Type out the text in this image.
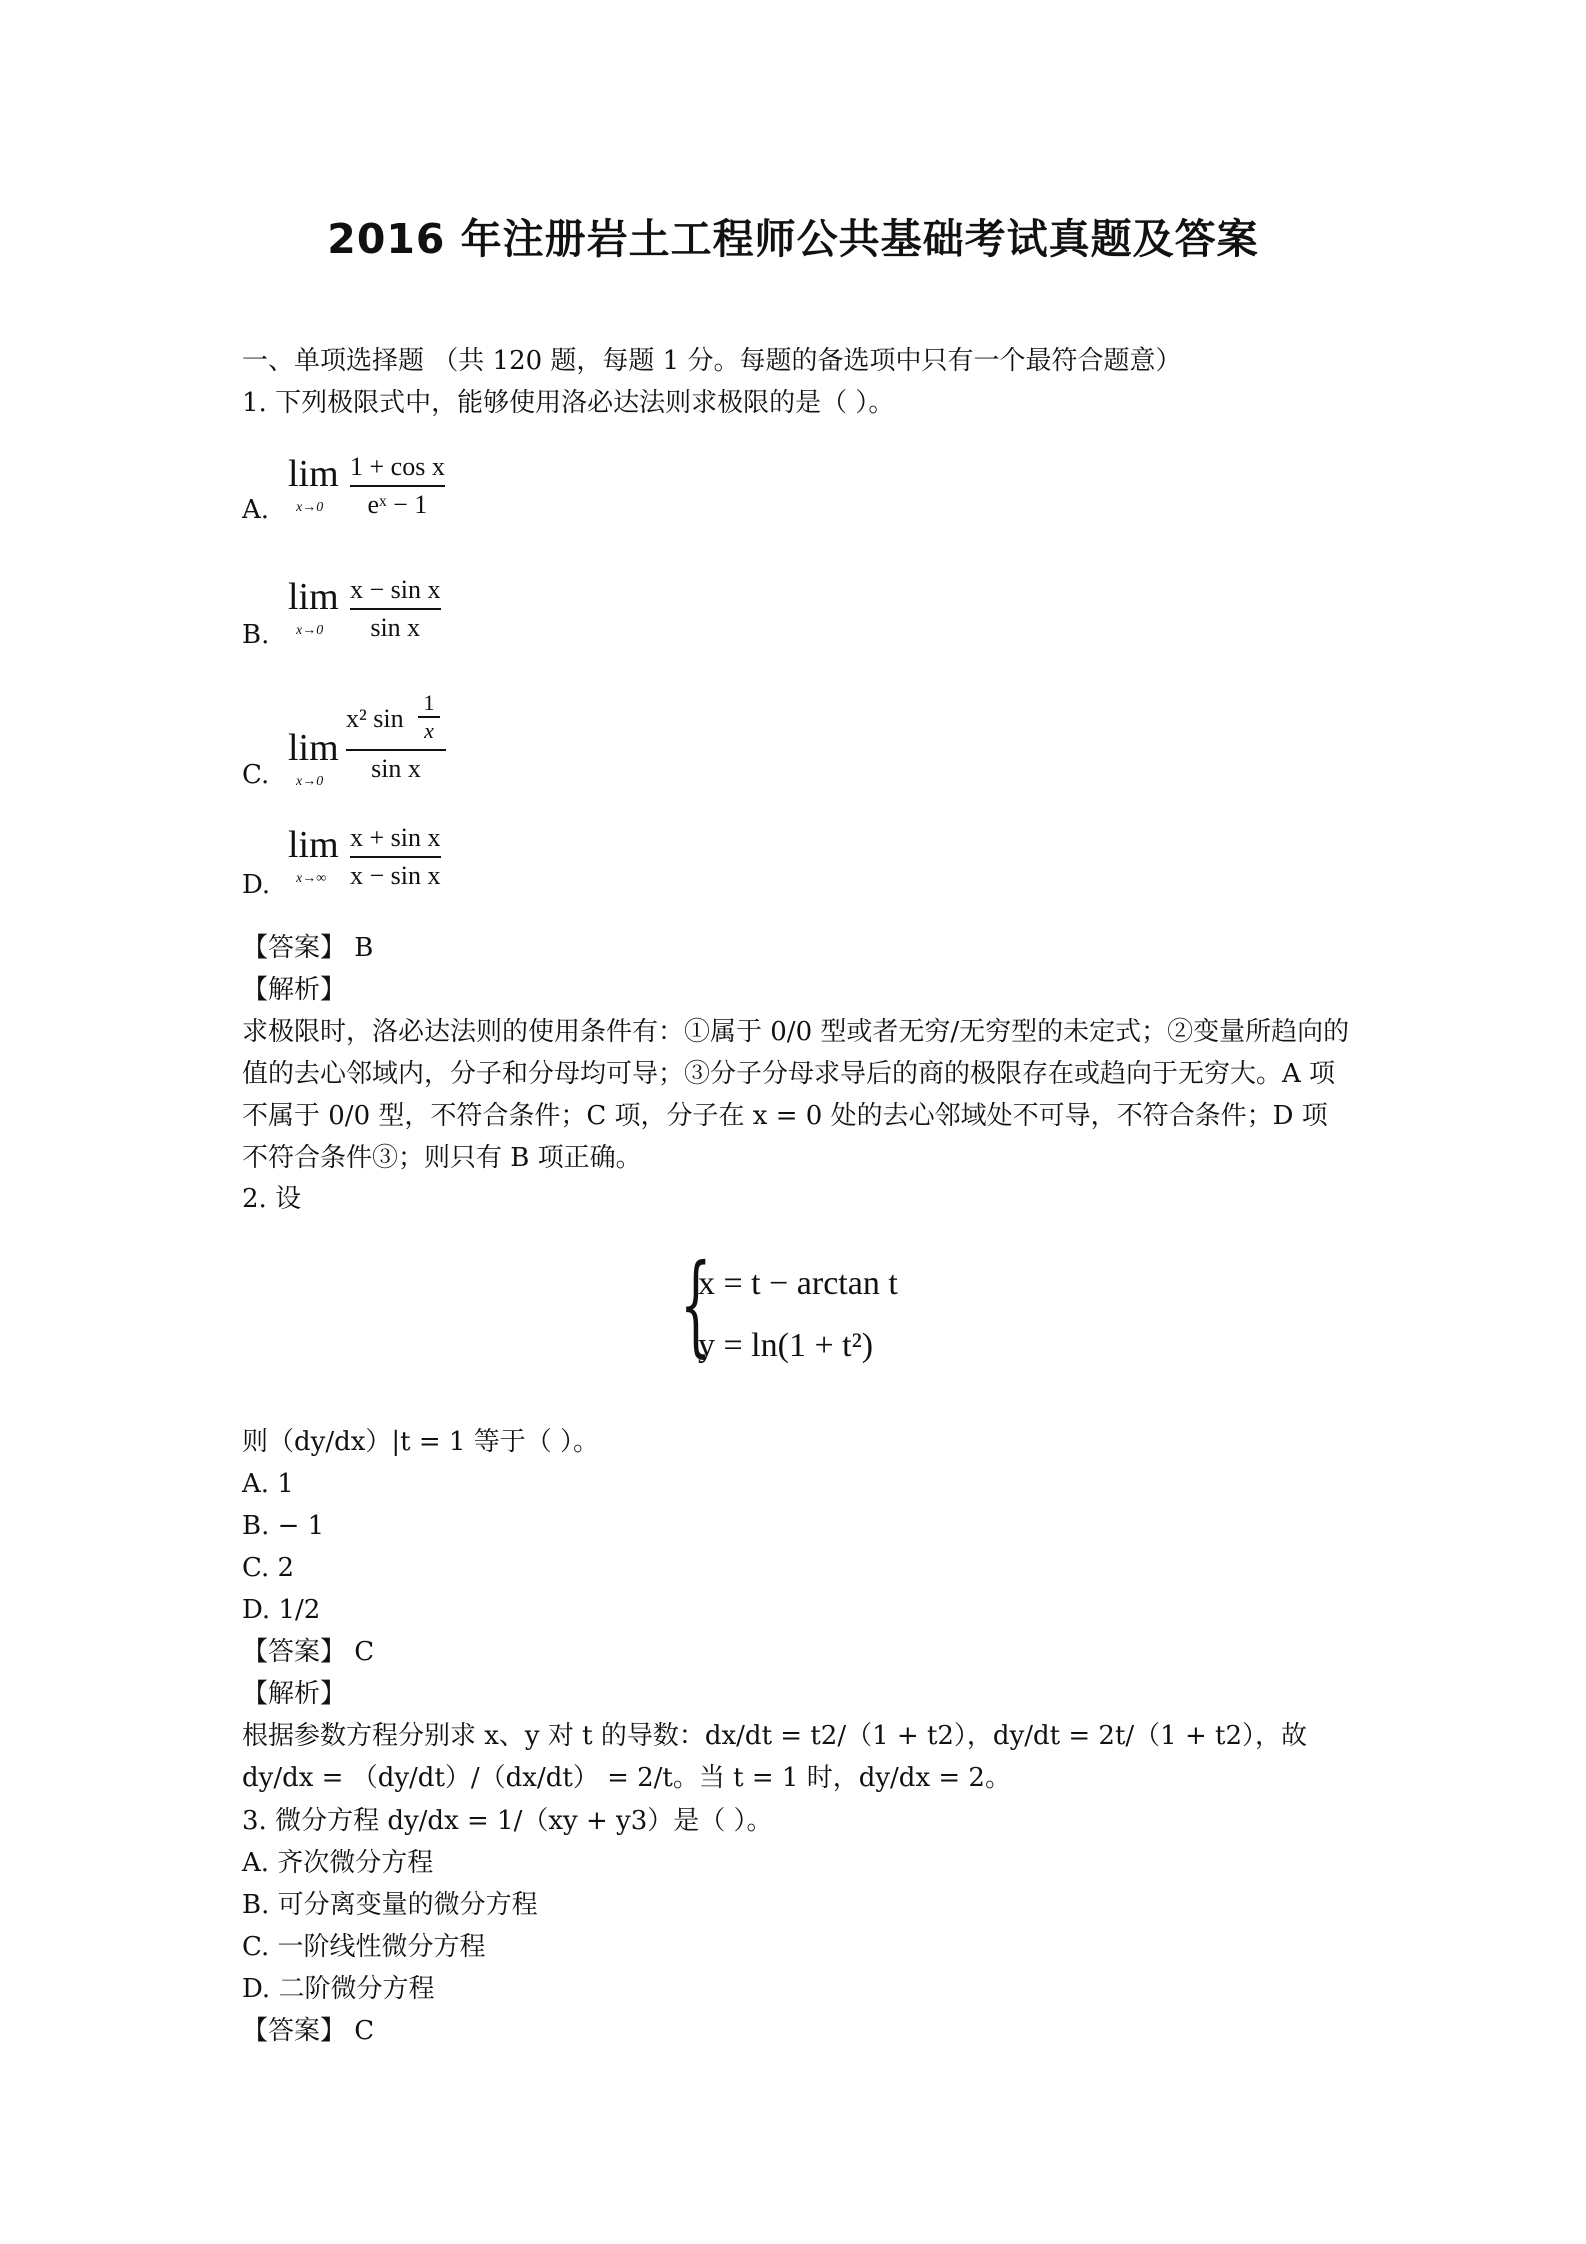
2016 年注册岩土工程师公共基础考试真题及答案
一、单项选择题 （共 120 题，每题 1 分。每题的备选项中只有一个最符合题意）
1. 下列极限式中，能够使用洛必达法则求极限的是（ ）。
A.
lim
x→0
1 + cos x
eˣ − 1
B.
lim
x→0
x − sin x
sin x
C.
lim
x→0
x² sin
1
x
sin x
D.
lim
x→∞
x + sin x
x − sin x
【答案】 B
【解析】
求极限时，洛必达法则的使用条件有：①属于 0/0 型或者无穷/无穷型的未定式；②变量所趋向的值的去心邻域内，分子和分母均可导；③分子分母求导后的商的极限存在或趋向于无穷大。A 项不属于 0/0 型，不符合条件；C 项，分子在 x = 0 处的去心邻域处不可导，不符合条件；D 项不符合条件③；则只有 B 项正确。
2. 设
{
x = t − arctan t
y = ln(1 + t²)
则（dy/dx）|t = 1 等于（ ）。
A. 1
B. − 1
C. 2
D. 1/2
【答案】 C
【解析】
根据参数方程分别求 x、y 对 t 的导数：dx/dt = t2/（1 + t2），dy/dt = 2t/（1 + t2），故 dy/dx = （dy/dt）/（dx/dt） = 2/t。当 t = 1 时，dy/dx = 2。
3. 微分方程 dy/dx = 1/（xy + y3）是（ ）。
A. 齐次微分方程
B. 可分离变量的微分方程
C. 一阶线性微分方程
D. 二阶微分方程
【答案】 C
